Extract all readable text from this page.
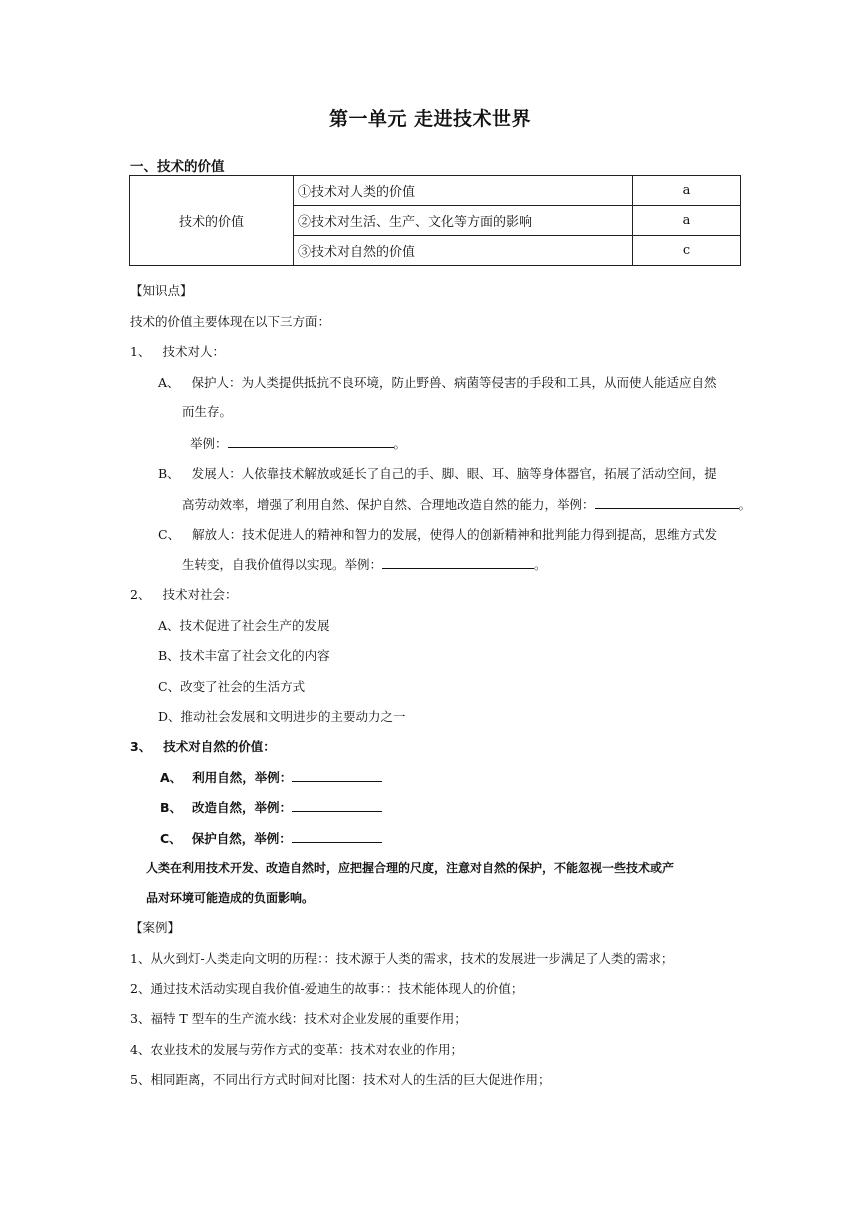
第一单元 走进技术世界
一、技术的价值
技术的价值	①技术对人类的价值	a
	②技术对生活、生产、文化等方面的影响	a
	③技术对自然的价值	c
【知识点】
技术的价值主要体现在以下三方面：
1、 技术对人：
A、 保护人：为人类提供抵抗不良环境，防止野兽、病菌等侵害的手段和工具，从而使人能适应自然
而生存。
举例：	。
B、 发展人：人依靠技术解放或延长了自己的手、脚、眼、耳、脑等身体器官，拓展了活动空间，提
高劳动效率，增强了利用自然、保护自然、合理地改造自然的能力，举例：	。
C、 解放人：技术促进人的精神和智力的发展，使得人的创新精神和批判能力得到提高，思维方式发
生转变，自我价值得以实现。举例：	。
2、 技术对社会：
A、技术促进了社会生产的发展
B、技术丰富了社会文化的内容
C、改变了社会的生活方式
D、推动社会发展和文明进步的主要动力之一
3、 技术对自然的价值：
A、 利用自然，举例：
B、 改造自然，举例：
C、 保护自然，举例：
人类在利用技术开发、改造自然时，应把握合理的尺度，注意对自然的保护，不能忽视一些技术或产
品对环境可能造成的负面影响。
【案例】
1、从火到灯-人类走向文明的历程：：技术源于人类的需求，技术的发展进一步满足了人类的需求；
2、通过技术活动实现自我价值-爱迪生的故事：：技术能体现人的价值；
3、福特 T 型车的生产流水线：技术对企业发展的重要作用；
4、农业技术的发展与劳作方式的变革：技术对农业的作用；
5、相同距离，不同出行方式时间对比图：技术对人的生活的巨大促进作用；
